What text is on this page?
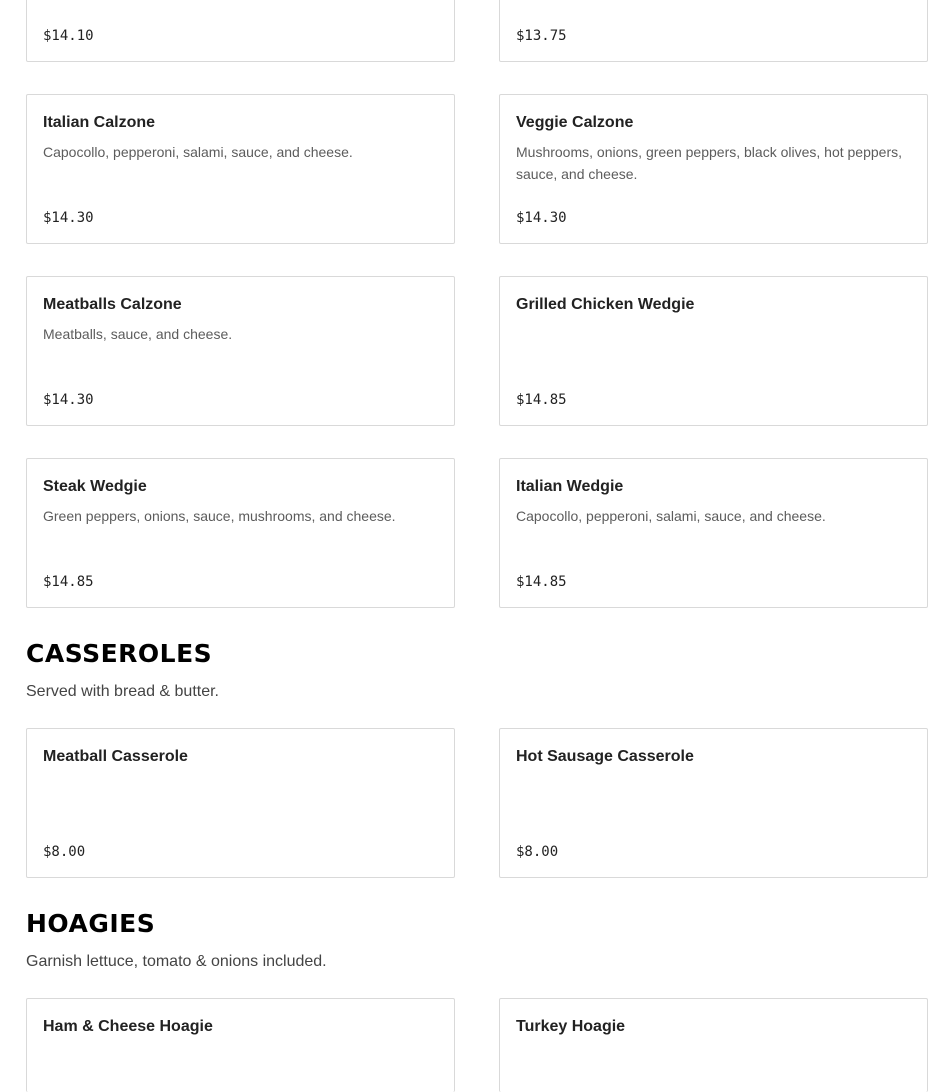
$14.10	$13.75
Italian Calzone
Capocollo, pepperoni, salami, sauce, and cheese.
$14.30
Veggie Calzone
Mushrooms, onions, green peppers, black olives, hot peppers, sauce, and cheese.
$14.30
Meatballs Calzone
Meatballs, sauce, and cheese.
$14.30
Grilled Chicken Wedgie
$14.85
Steak Wedgie
Green peppers, onions, sauce, mushrooms, and cheese.
$14.85
Italian Wedgie
Capocollo, pepperoni, salami, sauce, and cheese.
$14.85
CASSEROLES
Served with bread & butter.
Meatball Casserole
$8.00
Hot Sausage Casserole
$8.00
HOAGIES
Garnish lettuce, tomato & onions included.
Ham & Cheese Hoagie	Turkey Hoagie
